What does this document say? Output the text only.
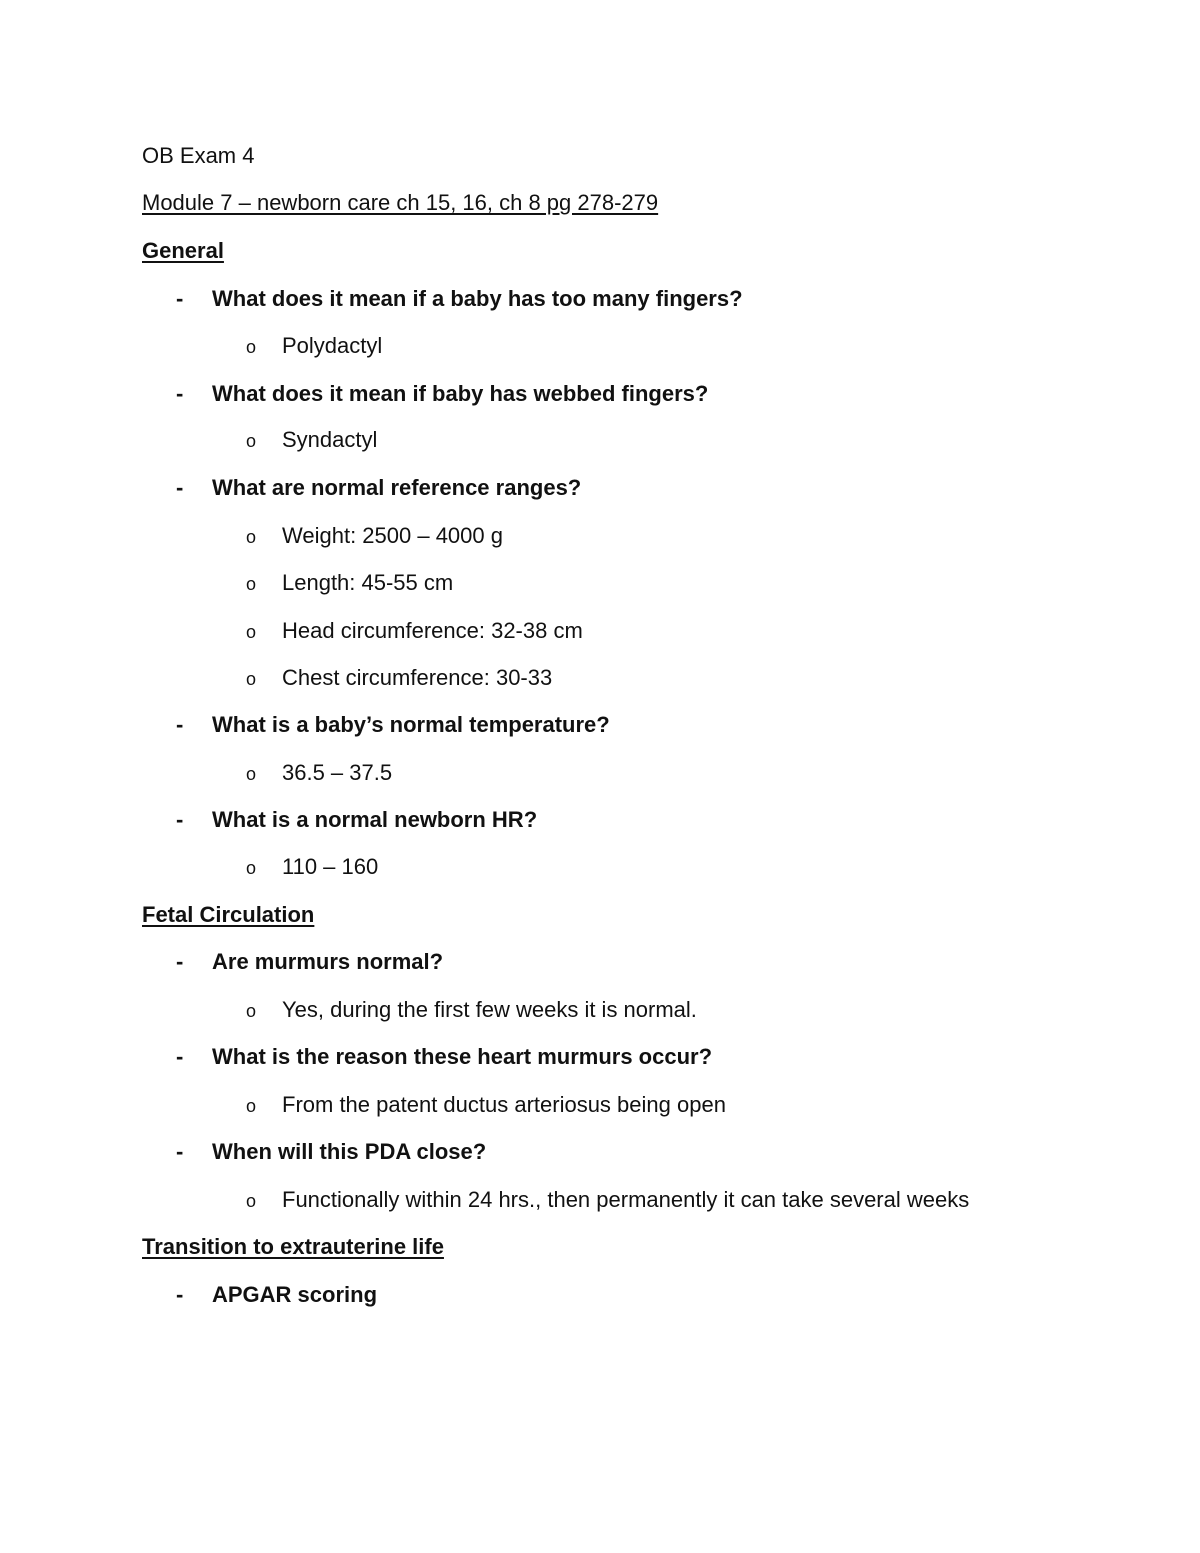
OB Exam 4
Module 7 – newborn care ch 15, 16, ch 8 pg 278-279
General
- What does it mean if a baby has too many fingers?
o Polydactyl
- What does it mean if baby has webbed fingers?
o Syndactyl
- What are normal reference ranges?
o Weight: 2500 – 4000 g
o Length: 45-55 cm
o Head circumference: 32-38 cm
o Chest circumference: 30-33
- What is a baby’s normal temperature?
o 36.5 – 37.5
- What is a normal newborn HR?
o 110 – 160
Fetal Circulation
- Are murmurs normal?
o Yes, during the first few weeks it is normal.
- What is the reason these heart murmurs occur?
o From the patent ductus arteriosus being open
- When will this PDA close?
o Functionally within 24 hrs., then permanently it can take several weeks
Transition to extrauterine life
- APGAR scoring
